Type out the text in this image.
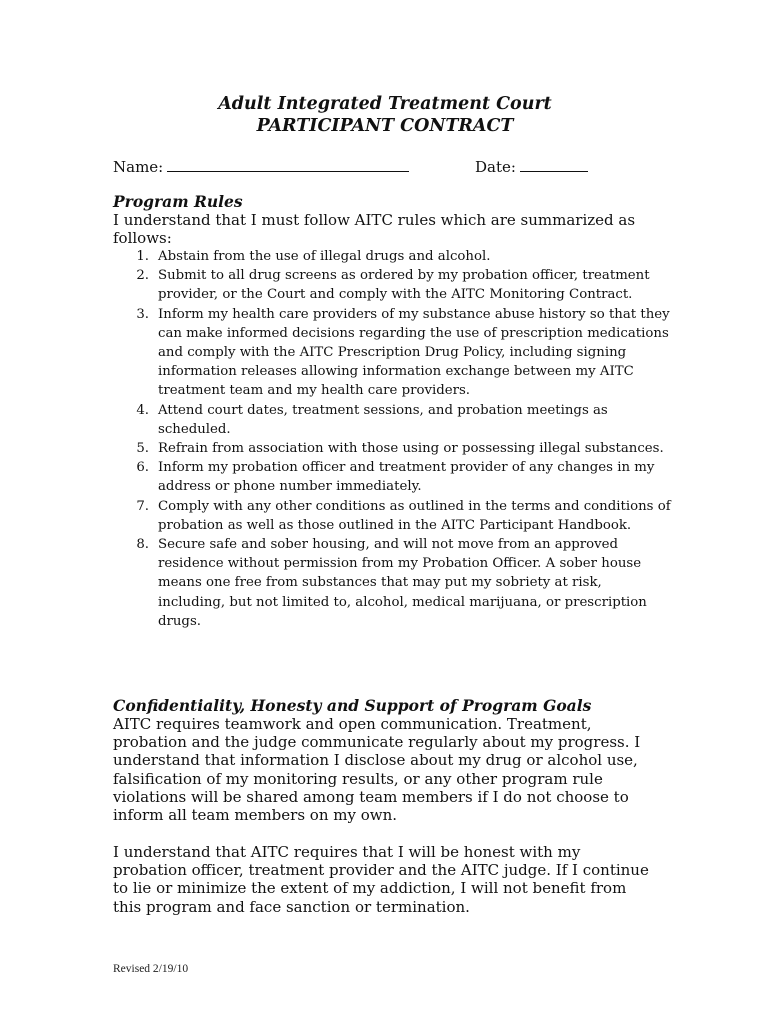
Adult Integrated Treatment Court
PARTICIPANT CONTRACT
Name:	Date:
Program Rules
I understand that I must follow AITC rules which are summarized as follows:
1. Abstain from the use of illegal drugs and alcohol.
2. Submit to all drug screens as ordered by my probation officer, treatment provider, or the Court and comply with the AITC Monitoring Contract.
3. Inform my health care providers of my substance abuse history so that they can make informed decisions regarding the use of prescription medications and comply with the AITC Prescription Drug Policy, including signing information releases allowing information exchange between my AITC treatment team and my health care providers.
4. Attend court dates, treatment sessions, and probation meetings as scheduled.
5. Refrain from association with those using or possessing illegal substances.
6. Inform my probation officer and treatment provider of any changes in my address or phone number immediately.
7. Comply with any other conditions as outlined in the terms and conditions of probation as well as those outlined in the AITC Participant Handbook.
8. Secure safe and sober housing, and will not move from an approved residence without permission from my Probation Officer. A sober house means one free from substances that may put my sobriety at risk, including, but not limited to, alcohol, medical marijuana, or prescription drugs.
Confidentiality, Honesty and Support of Program Goals
AITC requires teamwork and open communication. Treatment, probation and the judge communicate regularly about my progress. I understand that information I disclose about my drug or alcohol use, falsification of my monitoring results, or any other program rule violations will be shared among team members if I do not choose to inform all team members on my own.
I understand that AITC requires that I will be honest with my probation officer, treatment provider and the AITC judge. If I continue to lie or minimize the extent of my addiction, I will not benefit from this program and face sanction or termination.
Revised 2/19/10
